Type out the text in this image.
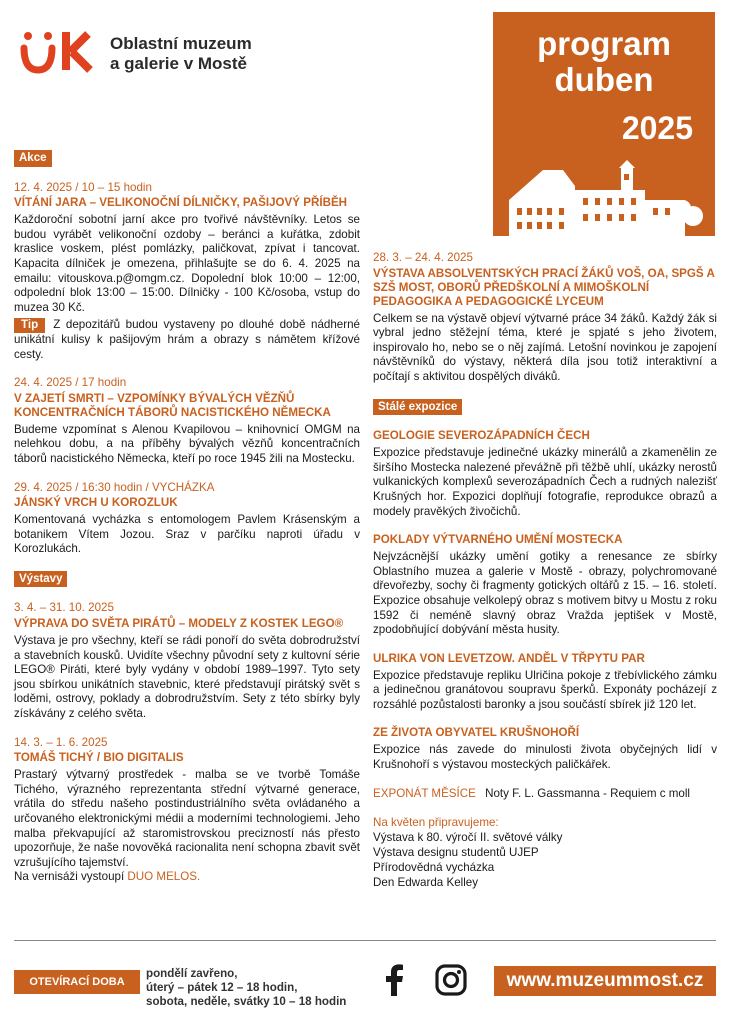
Oblastní muzeum
a galerie v Mostě
program
duben
2025
Akce
12. 4. 2025 / 10 – 15 hodin
VÍTÁNÍ JARA – VELIKONOČNÍ DÍLNIČKY, PAŠIJOVÝ PŘÍBĚH
Každoroční sobotní jarní akce pro tvořivé návštěvníky. Letos se budou vyrábět velikonoční ozdoby – beránci a kuřátka, zdobit kraslice voskem, plést pomlázky, paličkovat, zpívat i tancovat. Kapacita dílniček je omezena, přihlašujte se do 6. 4. 2025 na emailu: vitouskova.p@omgm.cz. Dopolední blok 10:00 – 12:00, odpolední blok 13:00 – 15:00. Dílničky - 100 Kč/osoba, vstup do muzea 30 Kč.
Tip Z depozitářů budou vystaveny po dlouhé době nádherné unikátní kulisy k pašijovým hrám a obrazy s námětem křížové cesty.
24. 4. 2025 / 17 hodin
V ZAJETÍ SMRTI – VZPOMÍNKY BÝVALÝCH VĚZŇŮ KONCENTRAČNÍCH TÁBORŮ NACISTICKÉHO NĚMECKA
Budeme vzpomínat s Alenou Kvapilovou – knihovnicí OMGM na nelehkou dobu, a na příběhy bývalých vězňů koncentračních táborů nacistického Německa, kteří po roce 1945 žili na Mostecku.
29. 4. 2025 / 16:30 hodin / VYCHÁZKA
JÁNSKÝ VRCH U KOROZLUK
Komentovaná vycházka s entomologem Pavlem Krásenským a botanikem Vítem Jozou. Sraz v parčíku naproti úřadu v Korozlukách.
Výstavy
3. 4. – 31. 10. 2025
VÝPRAVA DO SVĚTA PIRÁTŮ – MODELY Z KOSTEK LEGO®
Výstava je pro všechny, kteří se rádi ponoří do světa dobrodružství a stavebních kousků. Uvidíte všechny původní sety z kultovní série LEGO® Piráti, které byly vydány v období 1989–1997. Tyto sety jsou sbírkou unikátních stavebnic, které představují pirátský svět s loděmi, ostrovy, poklady a dobrodružstvím. Sety z této sbírky byly získávány z celého světa.
14. 3. – 1. 6. 2025
TOMÁŠ TICHÝ / BIO DIGITALIS
Prastarý výtvarný prostředek - malba se ve tvorbě Tomáše Tichého, výrazného reprezentanta střední výtvarné generace, vrátila do středu našeho postindustriálního světa ovládaného a určovaného elektronickými médii a moderními technologiemi. Jeho malba překvapující až staromistrovskou precizností nás přesto upozorňuje, že naše novověká racionalita není schopna zbavit svět vzrušujícího tajemství.
Na vernisáži vystoupí DUO MELOS.
28. 3. – 24. 4. 2025
VÝSTAVA ABSOLVENTSKÝCH PRACÍ ŽÁKŮ VOŠ, OA, SPGŠ A SZŠ MOST, OBORŮ PŘEDŠKOLNÍ A MIMOŠKOLNÍ PEDAGOGIKA A PEDAGOGICKÉ LYCEUM
Celkem se na výstavě objeví výtvarné práce 34 žáků. Každý žák si vybral jedno stěžejní téma, které je spjaté s jeho životem, inspirovalo ho, nebo se o něj zajímá. Letošní novinkou je zapojení návštěvníků do výstavy, některá díla jsou totiž interaktivní a počítají s aktivitou dospělých diváků.
Stálé expozice
GEOLOGIE SEVEROZÁPADNÍCH ČECH
Expozice představuje jedinečné ukázky minerálů a zkamenělin ze širšího Mostecka nalezené převážně při těžbě uhlí, ukázky nerostů vulkanických komplexů severozápadních Čech a rudných nalezišť Krušných hor. Expozici doplňují fotografie, reprodukce obrazů a modely pravěkých živočichů.
POKLADY VÝTVARNÉHO UMĚNÍ MOSTECKA
Nejvzácnější ukázky umění gotiky a renesance ze sbírky Oblastního muzea a galerie v Mostě - obrazy, polychromované dřevořezby, sochy či fragmenty gotických oltářů z 15. – 16. století. Expozice obsahuje velkolepý obraz s motivem bitvy u Mostu z roku 1592 či neméně slavný obraz Vražda jeptišek v Mostě, zpodobňující dobývání města husity.
ULRIKA VON LEVETZOW. ANDĚL V TŘPYTU PAR
Expozice představuje repliku Ulričina pokoje z třebívlického zámku a jedinečnou granátovou soupravu šperků. Exponáty pocházejí z rozsáhlé pozůstalosti baronky a jsou součástí sbírek již 120 let.
ZE ŽIVOTA OBYVATEL KRUŠNOHOŘÍ
Expozice nás zavede do minulosti života obyčejných lidí v Krušnohoří s výstavou mosteckých paličkářek.
EXPONÁT MĚSÍCE Noty F. L. Gassmanna - Requiem c moll
Na květen připravujeme:
Výstava k 80. výročí II. světové války
Výstava designu studentů UJEP
Přírodovědná vycházka
Den Edwarda Kelley
OTEVÍRACÍ DOBA
pondělí zavřeno,
úterý – pátek 12 – 18 hodin,
sobota, neděle, svátky 10 – 18 hodin
www.muzeummost.cz
